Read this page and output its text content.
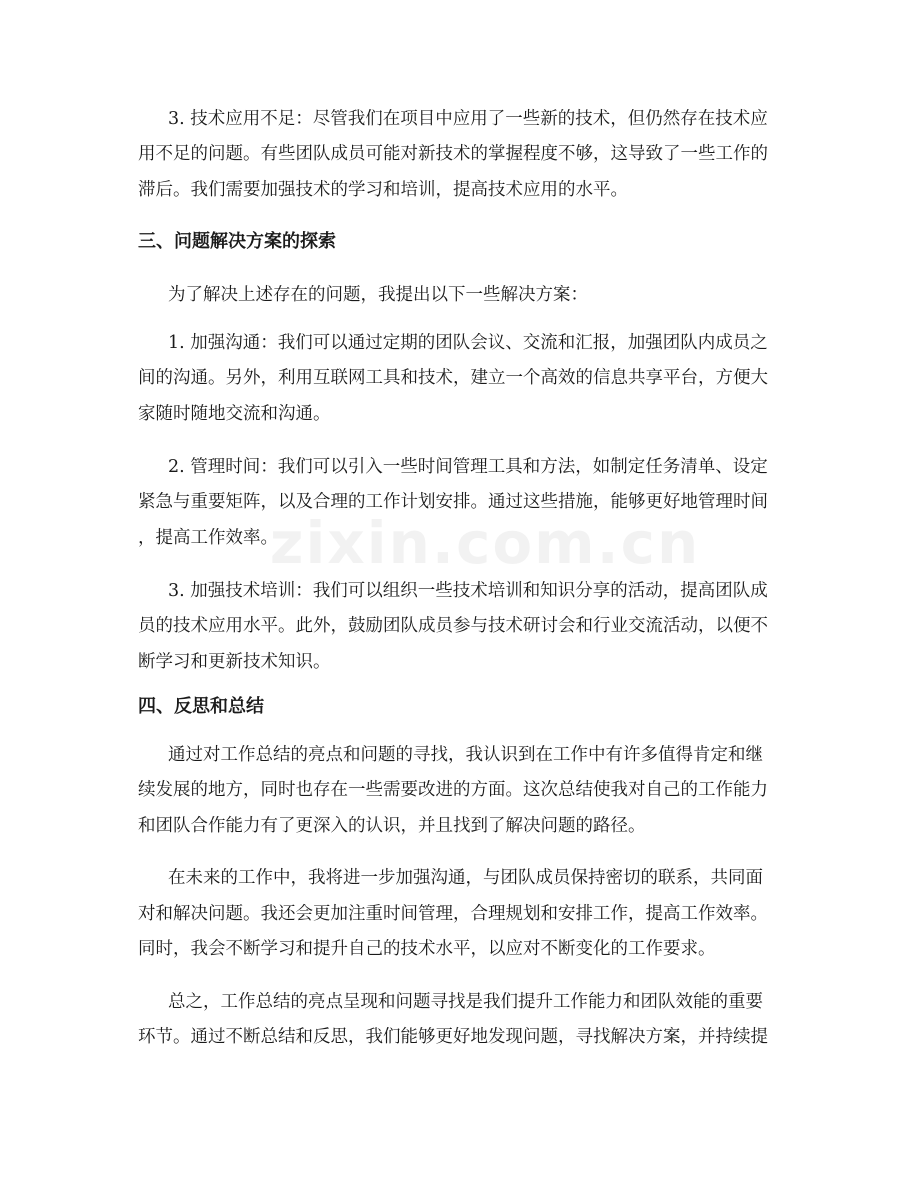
3. 技术应用不足：尽管我们在项目中应用了一些新的技术，但仍然存在技术应
用不足的问题。有些团队成员可能对新技术的掌握程度不够，这导致了一些工作的
滞后。我们需要加强技术的学习和培训，提高技术应用的水平。
三、问题解决方案的探索
为了解决上述存在的问题，我提出以下一些解决方案：
1. 加强沟通：我们可以通过定期的团队会议、交流和汇报，加强团队内成员之
间的沟通。另外，利用互联网工具和技术，建立一个高效的信息共享平台，方便大
家随时随地交流和沟通。
2. 管理时间：我们可以引入一些时间管理工具和方法，如制定任务清单、设定
紧急与重要矩阵，以及合理的工作计划安排。通过这些措施，能够更好地管理时间
，提高工作效率。
3. 加强技术培训：我们可以组织一些技术培训和知识分享的活动，提高团队成
员的技术应用水平。此外，鼓励团队成员参与技术研讨会和行业交流活动，以便不
断学习和更新技术知识。
四、反思和总结
通过对工作总结的亮点和问题的寻找，我认识到在工作中有许多值得肯定和继
续发展的地方，同时也存在一些需要改进的方面。这次总结使我对自己的工作能力
和团队合作能力有了更深入的认识，并且找到了解决问题的路径。
在未来的工作中，我将进一步加强沟通，与团队成员保持密切的联系，共同面
对和解决问题。我还会更加注重时间管理，合理规划和安排工作，提高工作效率。
同时，我会不断学习和提升自己的技术水平，以应对不断变化的工作要求。
总之，工作总结的亮点呈现和问题寻找是我们提升工作能力和团队效能的重要
环节。通过不断总结和反思，我们能够更好地发现问题，寻找解决方案，并持续提
zixin.com.cn
